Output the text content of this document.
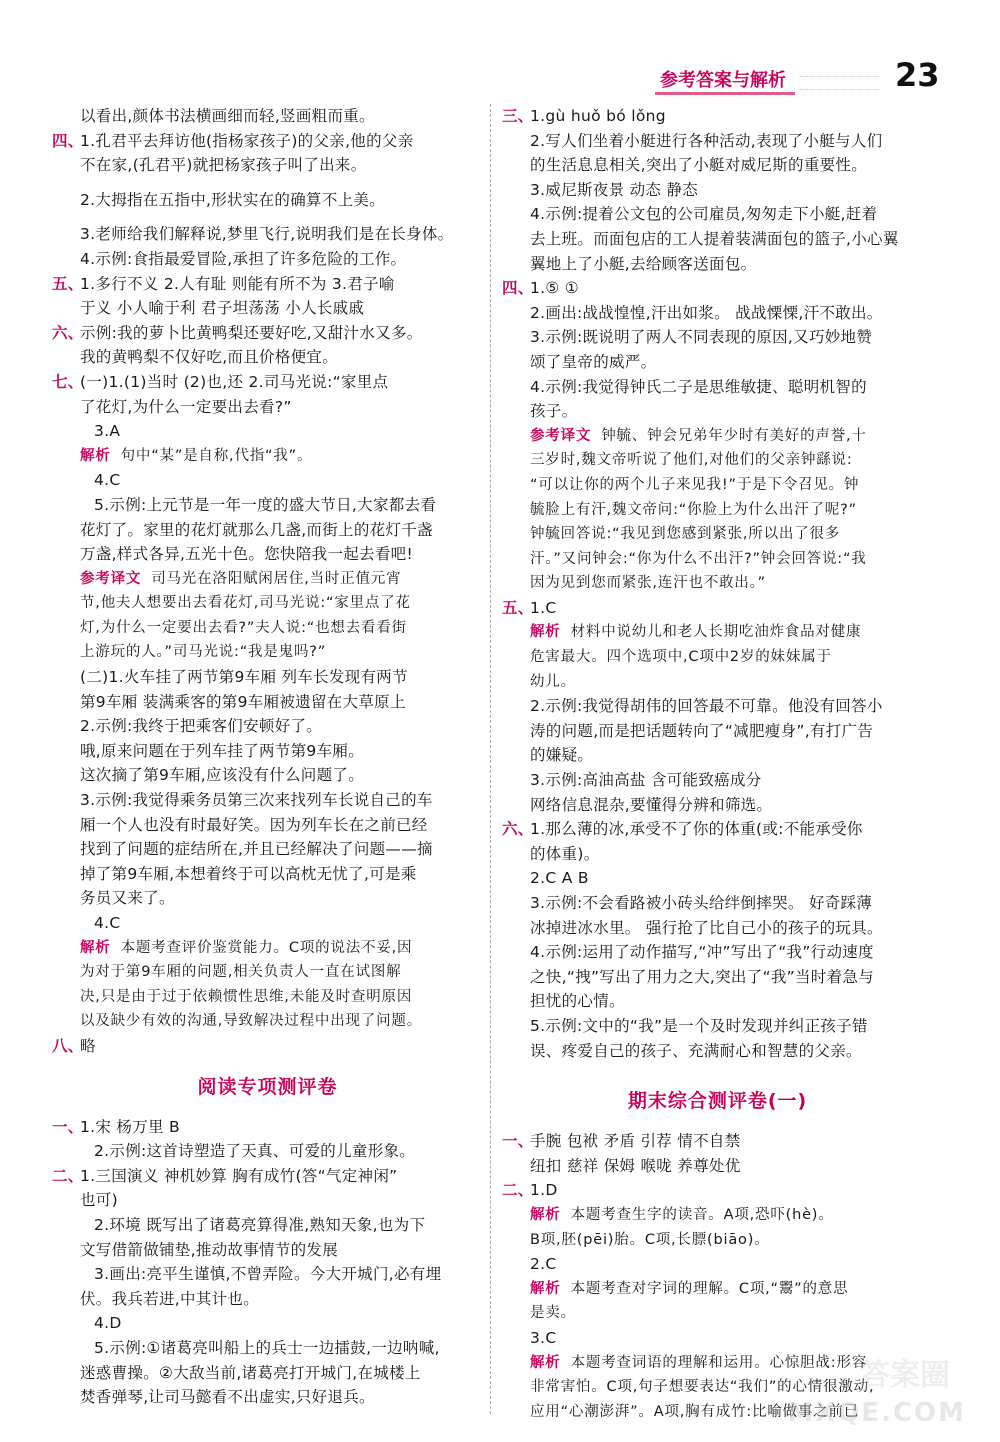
参考答案与解析	23
以看出,颜体书法横画细而轻,竖画粗而重。
四、
1.孔君平去拜访他(指杨家孩子)的父亲,他的父亲
不在家,(孔君平)就把杨家孩子叫了出来。
2.大拇指在五指中,形状实在的确算不上美。
3.老师给我们解释说,梦里飞行,说明我们是在长身体。
4.示例:食指最爱冒险,承担了许多危险的工作。
五、
1.多行不义 2.人有耻 则能有所不为 3.君子喻
于义 小人喻于利 君子坦荡荡 小人长戚戚
六、
示例:我的萝卜比黄鸭梨还要好吃,又甜汁水又多。
我的黄鸭梨不仅好吃,而且价格便宜。
七、
(一)1.(1)当时 (2)也,还 2.司马光说:“家里点
了花灯,为什么一定要出去看?”
3.A
解析 句中“某”是自称,代指“我”。
4.C
5.示例:上元节是一年一度的盛大节日,大家都去看
花灯了。家里的花灯就那么几盏,而街上的花灯千盏
万盏,样式各异,五光十色。您快陪我一起去看吧!
参考译文 司马光在洛阳赋闲居住,当时正值元宵
节,他夫人想要出去看花灯,司马光说:“家里点了花
灯,为什么一定要出去看?”夫人说:“也想去看看街
上游玩的人。”司马光说:“我是鬼吗?”
(二)1.火车挂了两节第9车厢 列车长发现有两节
第9车厢 装满乘客的第9车厢被遗留在大草原上
2.示例:我终于把乘客们安顿好了。
哦,原来问题在于列车挂了两节第9车厢。
这次摘了第9车厢,应该没有什么问题了。
3.示例:我觉得乘务员第三次来找列车长说自己的车
厢一个人也没有时最好笑。因为列车长在之前已经
找到了问题的症结所在,并且已经解决了问题——摘
掉了第9车厢,本想着终于可以高枕无忧了,可是乘
务员又来了。
4.C
解析 本题考查评价鉴赏能力。C项的说法不妥,因
为对于第9车厢的问题,相关负责人一直在试图解
决,只是由于过于依赖惯性思维,未能及时查明原因
以及缺少有效的沟通,导致解决过程中出现了问题。
八、
略
阅读专项测评卷
一、
1.宋 杨万里 B
2.示例:这首诗塑造了天真、可爱的儿童形象。
二、
1.三国演义 神机妙算 胸有成竹(答“气定神闲”
也可)
2.环境 既写出了诸葛亮算得准,熟知天象,也为下
文写借箭做铺垫,推动故事情节的发展
3.画出:亮平生谨慎,不曾弄险。今大开城门,必有埋
伏。我兵若进,中其计也。
4.D
5.示例:①诸葛亮叫船上的兵士一边擂鼓,一边呐喊,
迷惑曹操。②大敌当前,诸葛亮打开城门,在城楼上
焚香弹琴,让司马懿看不出虚实,只好退兵。
三、
1.gù huǒ bó lǒng
2.写人们坐着小艇进行各种活动,表现了小艇与人们
的生活息息相关,突出了小艇对威尼斯的重要性。
3.威尼斯夜景 动态 静态
4.示例:提着公文包的公司雇员,匆匆走下小艇,赶着
去上班。而面包店的工人提着装满面包的篮子,小心翼
翼地上了小艇,去给顾客送面包。
四、
1.⑤ ①
2.画出:战战惶惶,汗出如浆。 战战慄慄,汗不敢出。
3.示例:既说明了两人不同表现的原因,又巧妙地赞
颂了皇帝的威严。
4.示例:我觉得钟氏二子是思维敏捷、聪明机智的
孩子。
参考译文 钟毓、钟会兄弟年少时有美好的声誉,十
三岁时,魏文帝听说了他们,对他们的父亲钟繇说:
“可以让你的两个儿子来见我!”于是下令召见。钟
毓脸上有汗,魏文帝问:“你脸上为什么出汗了呢?”
钟毓回答说:“我见到您感到紧张,所以出了很多
汗。”又问钟会:“你为什么不出汗?”钟会回答说:“我
因为见到您而紧张,连汗也不敢出。”
五、
1.C
解析 材料中说幼儿和老人长期吃油炸食品对健康
危害最大。四个选项中,C项中2岁的妹妹属于
幼儿。
2.示例:我觉得胡伟的回答最不可靠。他没有回答小
涛的问题,而是把话题转向了“减肥瘦身”,有打广告
的嫌疑。
3.示例:高油高盐 含可能致癌成分
网络信息混杂,要懂得分辨和筛选。
六、
1.那么薄的冰,承受不了你的体重(或:不能承受你
的体重)。
2.C A B
3.示例:不会看路被小砖头给绊倒摔哭。 好奇踩薄
冰掉进冰水里。 强行抢了比自己小的孩子的玩具。
4.示例:运用了动作描写,“冲”写出了“我”行动速度
之快,“拽”写出了用力之大,突出了“我”当时着急与
担忧的心情。
5.示例:文中的“我”是一个及时发现并纠正孩子错
误、疼爱自己的孩子、充满耐心和智慧的父亲。
期末综合测评卷(一)
一、
手腕 包袱 矛盾 引荐 情不自禁
纽扣 慈祥 保姆 喉咙 养尊处优
二、
1.D
解析 本题考查生字的读音。A项,恐吓(hè)。
B项,胚(pēi)胎。C项,长膘(biāo)。
2.C
解析 本题考查对字词的理解。C项,“鬻”的意思
是卖。
3.C
解析 本题考查词语的理解和运用。心惊胆战:形容
非常害怕。C项,句子想要表达“我们”的心情很激动,
应用“心潮澎湃”。A项,胸有成竹:比喻做事之前已
答案圈
MXQE.COM
